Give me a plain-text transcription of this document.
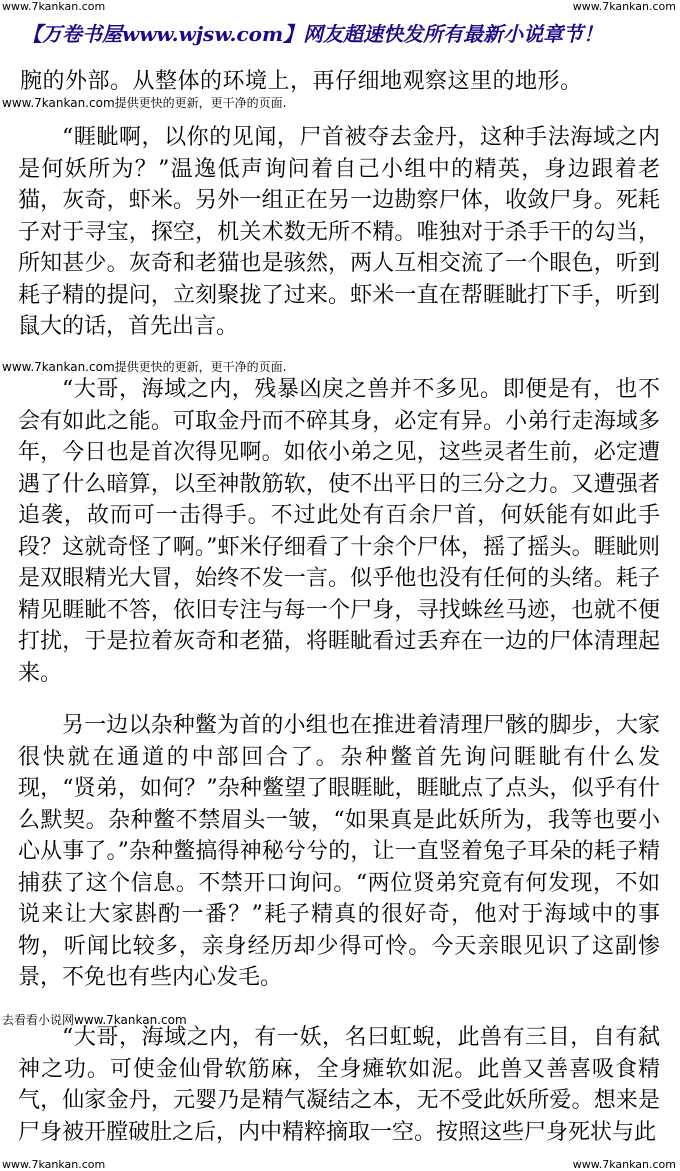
www.7kankan.com	www.7kankan.com
【万卷书屋www.wjsw.com】网友超速快发所有最新小说章节！
腕的外部。从整体的环境上，再仔细地观察这里的地形。
www.7kankan.com提供更快的更新，更干净的页面.
“睚眦啊，以你的见闻，尸首被夺去金丹，这种手法海域之内是何妖所为？”温逸低声询问着自己小组中的精英，身边跟着老猫，灰奇，虾米。另外一组正在另一边勘察尸体，收敛尸身。死耗子对于寻宝，探空，机关术数无所不精。唯独对于杀手干的勾当，所知甚少。灰奇和老猫也是骇然，两人互相交流了一个眼色，听到耗子精的提问，立刻聚拢了过来。虾米一直在帮睚眦打下手，听到鼠大的话，首先出言。
www.7kankan.com提供更快的更新，更干净的页面.
“大哥，海域之内，残暴凶戾之兽并不多见。即便是有，也不会有如此之能。可取金丹而不碎其身，必定有异。小弟行走海域多年，今日也是首次得见啊。如依小弟之见，这些灵者生前，必定遭遇了什么暗算，以至神散筋软，使不出平日的三分之力。又遭强者追袭，故而可一击得手。不过此处有百余尸首，何妖能有如此手段？这就奇怪了啊。”虾米仔细看了十余个尸体，摇了摇头。睚眦则是双眼精光大冒，始终不发一言。似乎他也没有任何的头绪。耗子精见睚眦不答，依旧专注与每一个尸身，寻找蛛丝马迹，也就不便打扰，于是拉着灰奇和老猫，将睚眦看过丢弃在一边的尸体清理起来。
另一边以杂种鳖为首的小组也在推进着清理尸骸的脚步，大家很快就在通道的中部回合了。杂种鳖首先询问睚眦有什么发现，“贤弟，如何？”杂种鳖望了眼睚眦，睚眦点了点头，似乎有什么默契。杂种鳖不禁眉头一皱，“如果真是此妖所为，我等也要小心从事了。”杂种鳖搞得神秘兮兮的，让一直竖着兔子耳朵的耗子精捕获了这个信息。不禁开口询问。“两位贤弟究竟有何发现，不如说来让大家斟酌一番？”耗子精真的很好奇，他对于海域中的事物，听闻比较多，亲身经历却少得可怜。今天亲眼见识了这副惨景，不免也有些内心发毛。
去看看小说网www.7kankan.com
“大哥，海域之内，有一妖，名曰虹蜺，此兽有三目，自有弑神之功。可使金仙骨软筋麻，全身瘫软如泥。此兽又善喜吸食精气，仙家金丹，元婴乃是精气凝结之本，无不受此妖所爱。想来是尸身被开膛破肚之后，内中精粹摘取一空。按照这些尸身死状与此
www.7kankan.com	www.7kankan.com
